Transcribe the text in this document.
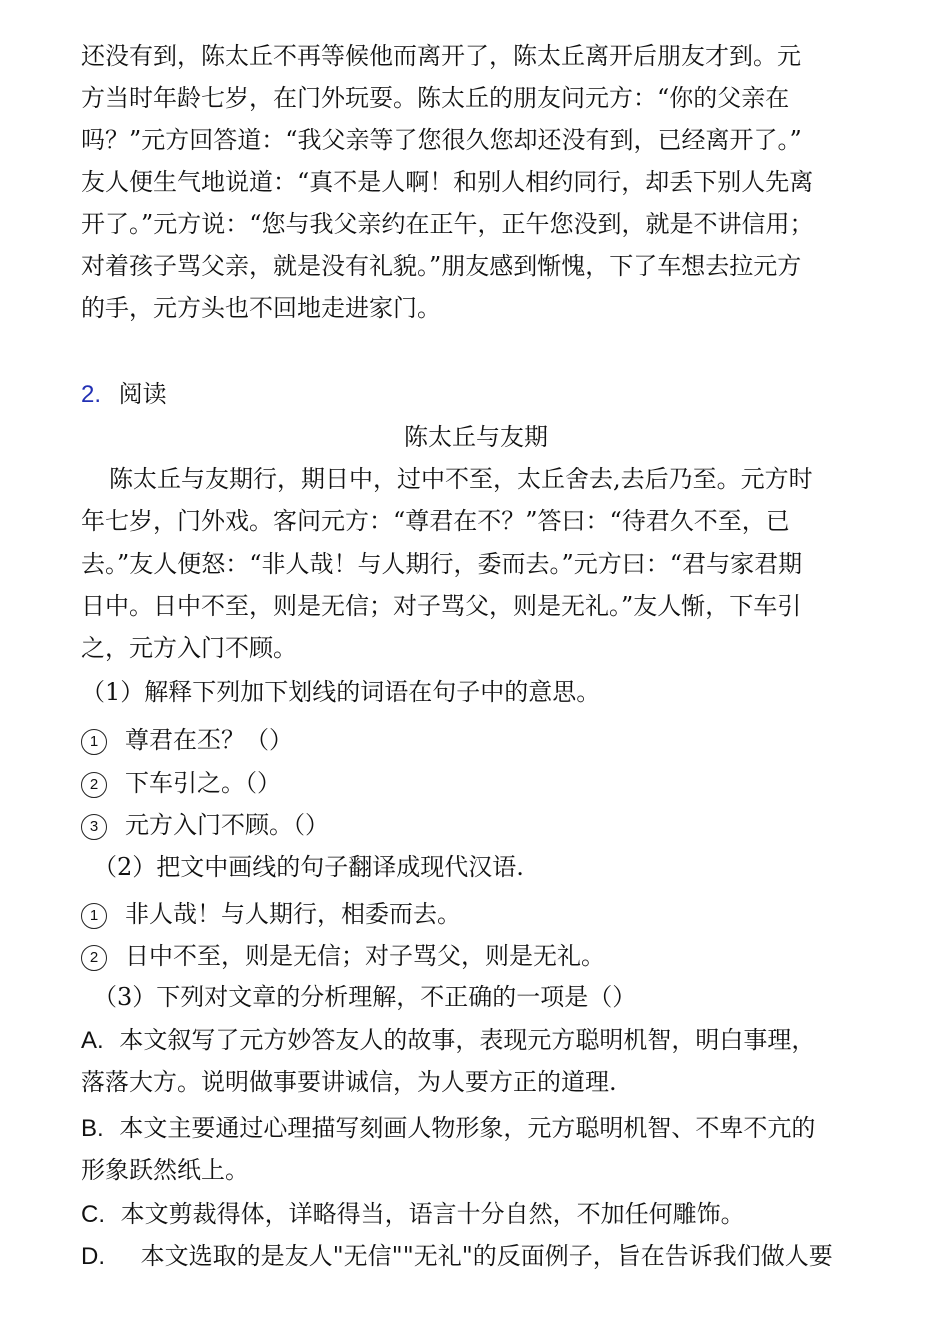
还没有到，陈太丘不再等候他而离开了，陈太丘离开后朋友才到。元
方当时年龄七岁，在门外玩耍。陈太丘的朋友问元方：“你的父亲在
吗？”元方回答道：“我父亲等了您很久您却还没有到，已经离开了。”
友人便生气地说道：“真不是人啊！和别人相约同行，却丢下别人先离
开了。”元方说：“您与我父亲约在正午，正午您没到，就是不讲信用；
对着孩子骂父亲，就是没有礼貌。”朋友感到惭愧，下了车想去拉元方
的手，元方头也不回地走进家门。
2. 阅读
陈太丘与友期
陈太丘与友期行，期日中，过中不至，太丘舍去,去后乃至。元方时
年七岁，门外戏。客问元方：“尊君在不？”答曰：“待君久不至，已
去。”友人便怒：“非人哉！与人期行，委而去。”元方曰：“君与家君期
日中。日中不至，则是无信；对子骂父，则是无礼。”友人惭，下车引
之，元方入门不顾。
（1）解释下列加下划线的词语在句子中的意思。
1 尊君在丕？（）
2 下车引之。（）
3 元方入门不顾。（）
（2）把文中画线的句子翻译成现代汉语.
1 非人哉！与人期行，相委而去。
2 日中不至，则是无信；对子骂父，则是无礼。
（3）下列对文章的分析理解，不正确的一项是（）
A. 本文叙写了元方妙答友人的故事，表现元方聪明机智，明白事理，
落落大方。说明做事要讲诚信，为人要方正的道理.
B. 本文主要通过心理描写刻画人物形象，元方聪明机智、不卑不亢的
形象跃然纸上。
C. 本文剪裁得体，详略得当，语言十分自然，不加任何雕饰。
D. 本文选取的是友人"无信""无礼"的反面例子，旨在告诉我们做人要
